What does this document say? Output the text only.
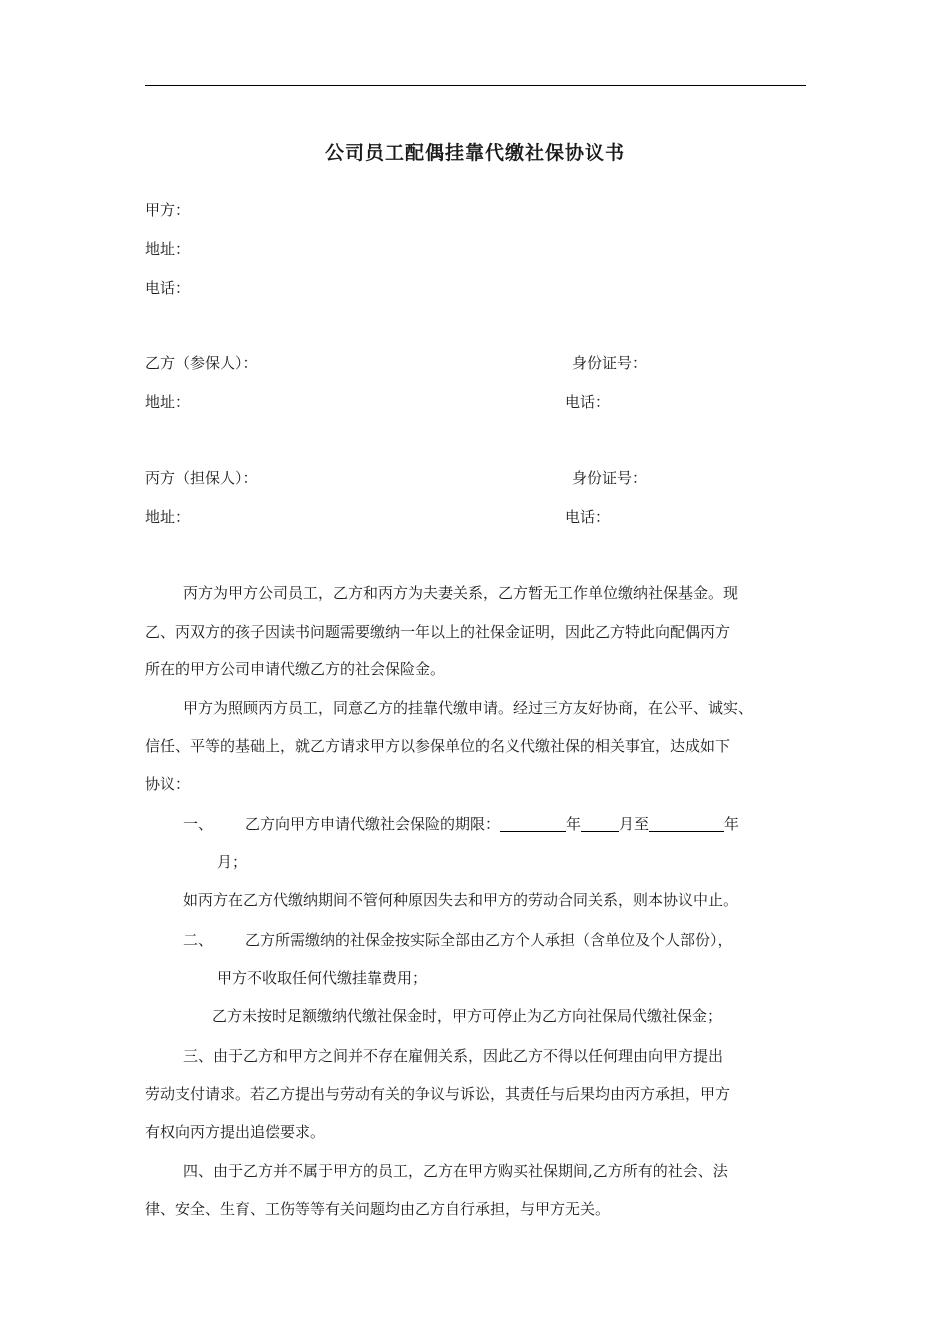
公司员工配偶挂靠代缴社保协议书
甲方：
地址：
电话：
乙方（参保人）：	身份证号：
地址：	电话：
丙方（担保人）：	身份证号：
地址：	电话：
丙方为甲方公司员工，乙方和丙方为夫妻关系，乙方暂无工作单位缴纳社保基金。现
乙、丙双方的孩子因读书问题需要缴纳一年以上的社保金证明，因此乙方特此向配偶丙方
所在的甲方公司申请代缴乙方的社会保险金。
甲方为照顾丙方员工，同意乙方的挂靠代缴申请。经过三方友好协商，在公平、诚实、
信任、平等的基础上，就乙方请求甲方以参保单位的名义代缴社保的相关事宜，达成如下
协议：
一、 乙方向甲方申请代缴社会保险的期限：	年	月至	年
月；
如丙方在乙方代缴纳期间不管何种原因失去和甲方的劳动合同关系，则本协议中止。
二、 乙方所需缴纳的社保金按实际全部由乙方个人承担（含单位及个人部份），
甲方不收取任何代缴挂靠费用；
乙方未按时足额缴纳代缴社保金时，甲方可停止为乙方向社保局代缴社保金；
三、由于乙方和甲方之间并不存在雇佣关系，因此乙方不得以任何理由向甲方提出
劳动支付请求。若乙方提出与劳动有关的争议与诉讼，其责任与后果均由丙方承担，甲方
有权向丙方提出追偿要求。
四、由于乙方并不属于甲方的员工，乙方在甲方购买社保期间,乙方所有的社会、法
律、安全、生育、工伤等等有关问题均由乙方自行承担，与甲方无关。
